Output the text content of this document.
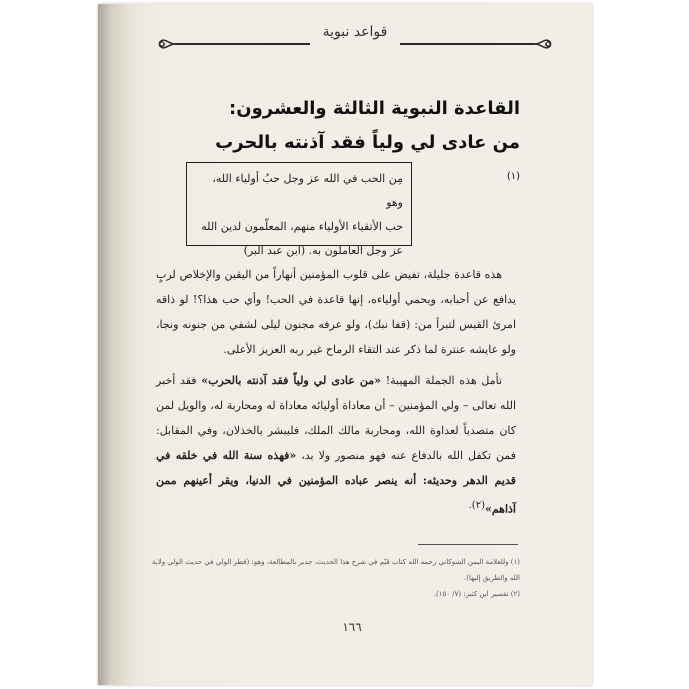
قواعد نبوية
القاعدة النبوية الثالثة والعشرون:
من عادى لي ولياً فقد آذنته بالحرب $^{(١)}$
مِن الحب في الله عز وجل حبُ أولياء الله، وهو
حب الأتقياء الأولياء منهم، المعلّمون لدين الله
عز وجل العاملون به. (ابن عبد البر)

هذه قاعدة جليلة، تفيض على قلوب المؤمنين أنهاراً من اليقين والإخلاص لربٍ يدافع عن أحبابه، ويحمي أولياءه، إنها قاعدة في الحب! وأي حب هذا؟! لو ذاقه امرئ القيس لتبرأ من: (قفا نبك)، ولو عرفه مجنون ليلى لشفي من جنونه ونجا، ولو عايشه عنترة لما ذكر عند التقاء الرماح غير ربه العزيز الأعلى.

تأمل هذه الجملة المهيبة! «من عادى لي ولياً فقد آذنته بالحرب» فقد أخبر الله تعالى – ولي المؤمنين – أن معاداة أوليائه معاداة له ومحاربة له، والويل لمن كان متصدياً لعداوة الله، ومحاربة مالك الملك، فليبشر بالخذلان، وفي المقابل: فمن تكفل الله بالدفاع عنه فهو منصور ولا بد، «فهذه سنة الله في خلقه في قديم الدهر وحديثه: أنه ينصر عباده المؤمنين في الدنيا، ويقر أعينهم ممن آذاهم»(٢).

(١) وللعلامة اليمن الشوكاني رحمه الله كتاب قيّم في شرح هذا الحديث، جدير بالمطالعة، وهو: (قطر الولي في حديث الولي ولاية الله والطريق إليها).

(٢) تفسير ابن كثير: (٧/ ١٥٠).

١٦٦
